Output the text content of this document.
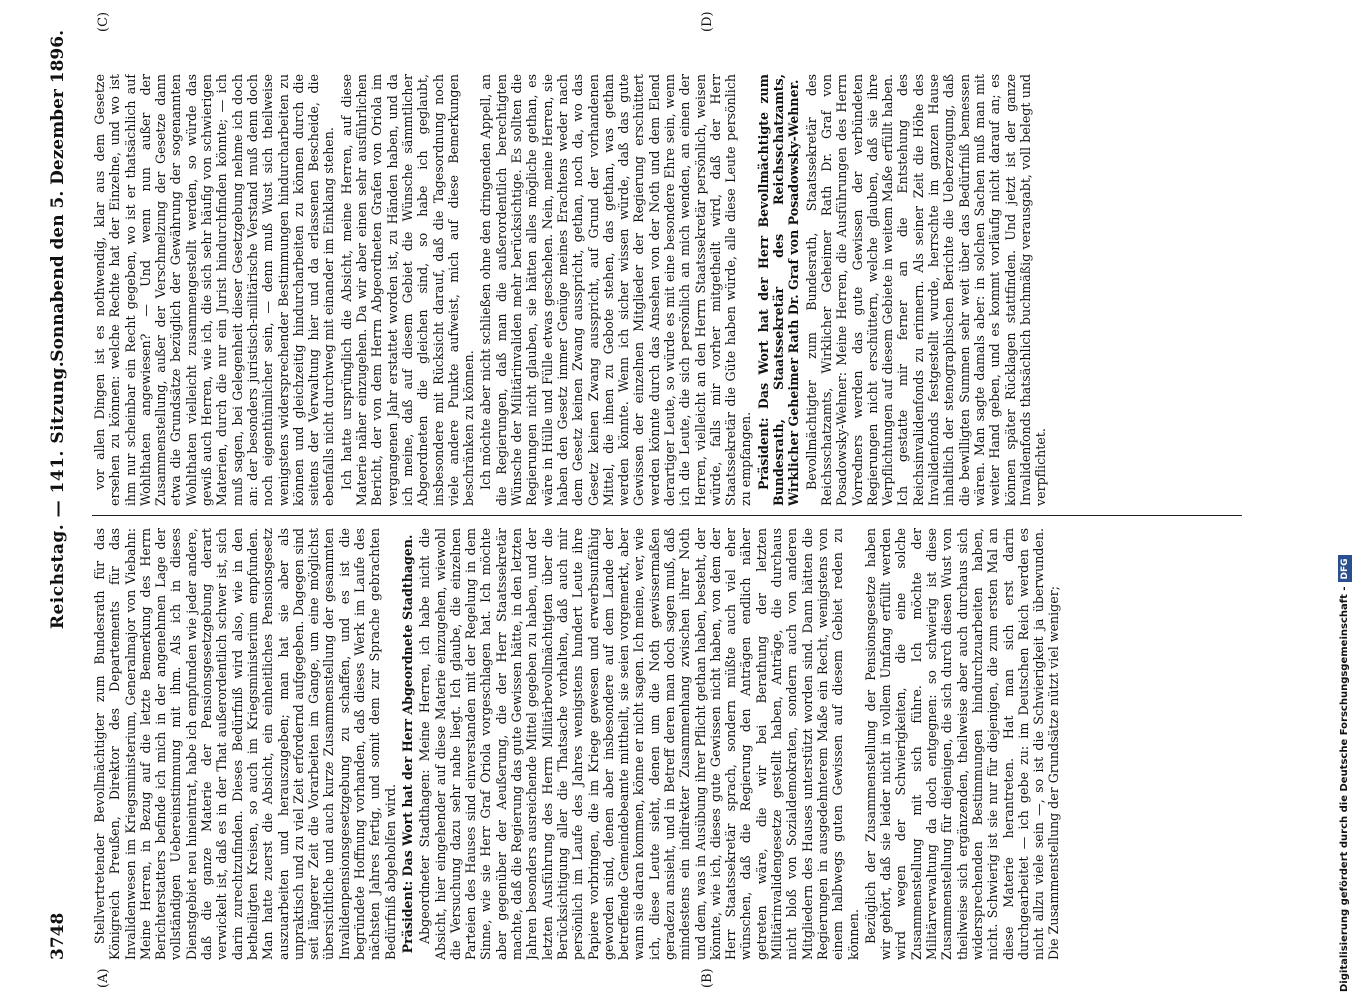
3748
Reichstag. — 141. Sitzung.
Sonnabend den 5. Dezember 1896.
(A)	(B)
(C)	(D)

Stellvertretender Bevollmächtigter zum Bundesrath für das Königreich Preußen, Direktor des Departements für das Invalidenwesen im Kriegsministerium, Generalmajor von Viebahn: Meine Herren, in Bezug auf die letzte Bemerkung des Herrn Berichterstatters befinde ich mich in der angenehmen Lage der vollständigen Uebereinstimmung mit ihm. Als ich in dieses Dienstgebiet neu hineintrat, habe ich empfunden wie jeder andere, daß die ganze Materie der Pensionsgesetzgebung derart verwickelt ist, daß es in der That außerordentlich schwer ist, sich darin zurechtzufinden. Dieses Bedürfniß wird also, wie in den betheiligten Kreisen, so auch im Kriegsministerium empfunden. Man hatte zuerst die Absicht, ein einheitliches Pensionsgesetz auszuarbeiten und herauszugeben; man hat sie aber als unpraktisch und zu viel Zeit erfordernd aufgegeben. Dagegen sind seit längerer Zeit die Vorarbeiten im Gange, um eine möglichst übersichtliche und auch kurze Zusammenstellung der gesammten Invalidenpensionsgesetzgebung zu schaffen, und es ist die begründete Hoffnung vorhanden, daß dieses Werk im Laufe des nächsten Jahres fertig, und somit dem zur Sprache gebrachten Bedürfniß abgeholfen wird. Präsident: Das Wort hat der Herr Abgeordnete Stadthagen. Abgeordneter Stadthagen: Meine Herren, ich habe nicht die Absicht, hier eingehender auf diese Materie einzugehen, wiewohl die Versuchung dazu sehr nahe liegt. Ich glaube, die einzelnen Parteien des Hauses sind einverstanden mit der Regelung in dem Sinne, wie sie Herr Graf Oriola vorgeschlagen hat. Ich möchte aber gegenüber der Aeußerung, die der Herr Staatssekretär machte, daß die Regierung das gute Gewissen hätte, in den letzten Jahren besonders ausreichende Mittel gegeben zu haben, und der letzten Ausführung des Herrn Militärbevollmächtigten über die Berücksichtigung aller die Thatsache vorhalten, daß auch mir persönlich im Laufe des Jahres wenigstens hundert Leute ihre Papiere vorbringen, die im Kriege gewesen und erwerbsunfähig geworden sind, denen aber insbesondere auf dem Lande der betreffende Gemeindebeamte mittheilt, sie seien vorgemerkt, aber wann sie daran kommen, könne er nicht sagen. Ich meine, wer, wie ich, diese Leute sieht, denen um die Noth gewissermaßen geradezu ansieht, und in Betreff deren man doch sagen muß, daß mindestens ein indirekter Zusammenhang zwischen ihrer Noth und dem, was in Ausübung ihrer Pflicht gethan haben, besteht, der könnte, wie ich, dieses gute Gewissen nicht haben, von dem der Herr Staatssekretär sprach, sondern müßte auch viel eher wünschen, daß die Regierung den Anträgen endlich näher getreten wäre, die wir bei Berathung der letzten Militärinvalidengesetze gestellt haben, Anträge, die durchaus nicht bloß von Sozialdemokraten, sondern auch von anderen Mitgliedern des Hauses unterstützt worden sind. Dann hätten die Regierungen in ausgedehnterem Maße ein Recht, wenigstens von einem halbwegs guten Gewissen auf diesem Gebiet reden zu können. Bezüglich der Zusammenstellung der Pensionsgesetze haben wir gehört, daß sie leider nicht in vollem Umfang erfüllt werden wird wegen der Schwierigkeiten, die eine solche Zusammenstellung mit sich führe. Ich möchte der Militärverwaltung da doch entgegnen: so schwierig ist diese Zusammenstellung für diejenigen, die sich durch diesen Wust von theilweise sich ergänzenden, theilweise aber auch durchaus sich widersprechenden Bestimmungen hindurchzuarbeiten haben, nicht. Schwierig ist sie nur für diejenigen, die zum ersten Mal an diese Materie herantreten. Hat man sich erst darin durchgearbeitet — ich gebe zu: im Deutschen Reich werden es nicht allzu viele sein —, so ist die Schwierigkeit ja überwunden. Die Zusammenstellung der Grundsätze nützt viel weniger;

vor allen Dingen ist es nothwendig, klar aus dem Gesetze ersehen zu können: welche Rechte hat der Einzelne, und wo ist ihm nur scheinbar ein Recht gegeben, wo ist er thatsächlich auf Wohlthaten angewiesen? — Und wenn nun außer der Zusammenstellung, außer der Verschmelzung der Gesetze dann etwa die Grundsätze bezüglich der Gewährung der sogenannten Wohlthaten vielleicht zusammengestellt werden, so würde das gewiß auch Herren, wie ich, die sich sehr häufig von schwierigen Materien, durch die nur ein Jurist hindurchfinden könnte; — ich muß sagen, bei Gelegenheit dieser Gesetzgebung nehme ich doch an: der besonders juristisch-militärische Verstand muß denn doch noch eigenthümlicher sein, — denn muß Wust sich theilweise wenigstens widersprechender Bestimmungen hindurcharbeiten zu können und gleichzeitig hindurcharbeiten zu können durch die seitens der Verwaltung hier und da erlassenen Bescheide, die ebenfalls nicht durchweg mit einander im Einklang stehen. Ich hatte ursprünglich die Absicht, meine Herren, auf diese Materie näher einzugehen. Da wir aber einen sehr ausführlichen Bericht, der von dem Herrn Abgeordneten Grafen von Oriola im vergangenen Jahr erstattet worden ist, zu Händen haben, und da ich meine, daß auf diesem Gebiet die Wünsche sämmtlicher Abgeordneten die gleichen sind, so habe ich geglaubt, insbesondere mit Rücksicht darauf, daß die Tagesordnung noch viele andere Punkte aufweist, mich auf diese Bemerkungen beschränken zu können. Ich möchte aber nicht schließen ohne den dringenden Appell, an die Regierungen, daß man die außerordentlich berechtigten Wünsche der Militärinvaliden mehr berücksichtige. Es sollten die Regierungen nicht glauben, sie hätten alles mögliche gethan, es wäre in Hülle und Fülle etwas geschehen. Nein, meine Herren, sie haben den Gesetz immer Genüge meines Erachtens weder nach dem Gesetz keinen Zwang ausspricht, gethan, noch da, wo das Gesetz keinen Zwang ausspricht, auf Grund der vorhandenen Mittel, die ihnen zu Gebote stehen, das gethan, was gethan werden könnte. Wenn ich sicher wissen würde, daß das gute Gewissen der einzelnen Mitglieder der Regierung erschüttert werden könnte durch das Ansehen von der Noth und dem Elend derartiger Leute, so würde es mit eine besondere Ehre sein, wenn ich die Leute, die sich persönlich an mich wenden, an einen der Herren, vielleicht an den Herrn Staatssekretär persönlich, weisen würde, falls mir vorher mitgetheilt wird, daß der Herr Staatssekretär die Güte haben würde, alle diese Leute persönlich zu empfangen. Präsident: Das Wort hat der Herr Bevollmächtigte zum Bundesrath, Staatssekretär des Reichsschatzamts, Wirklicher Geheimer Rath Dr. Graf von Posadowsky-Wehner. Bevollmächtigter zum Bundesrath, Staatssekretär des Reichsschatzamts, Wirklicher Geheimer Rath Dr. Graf von Posadowsky-Wehner: Meine Herren, die Ausführungen des Herrn Vorredners werden das gute Gewissen der verbündeten Regierungen nicht erschüttern, welche glauben, daß sie ihre Verpflichtungen auf diesem Gebiete in weitem Maße erfüllt haben. Ich gestatte mir ferner an die Entstehung des Reichsinvalidenfonds zu erinnern. Als seiner Zeit die Höhe des Invalidenfonds festgestellt wurde, herrschte im ganzen Hause inhaltlich der stenographischen Berichte die Ueberzeugung, daß die bewilligten Summen sehr weit über das Bedürfniß bemessen wären. Man sagte damals aber: in solchen Sachen muß man mit weiter Hand geben, und es kommt vorläufig nicht darauf an; es können später Rücklagen stattfinden. Und jetzt ist der ganze Invalidenfonds thatsächlich buchmäßig verausgabt, voll belegt und verpflichtet.

Digitalisierung gefördert durch die Deutsche Forschungsgemeinschaft -DFG
